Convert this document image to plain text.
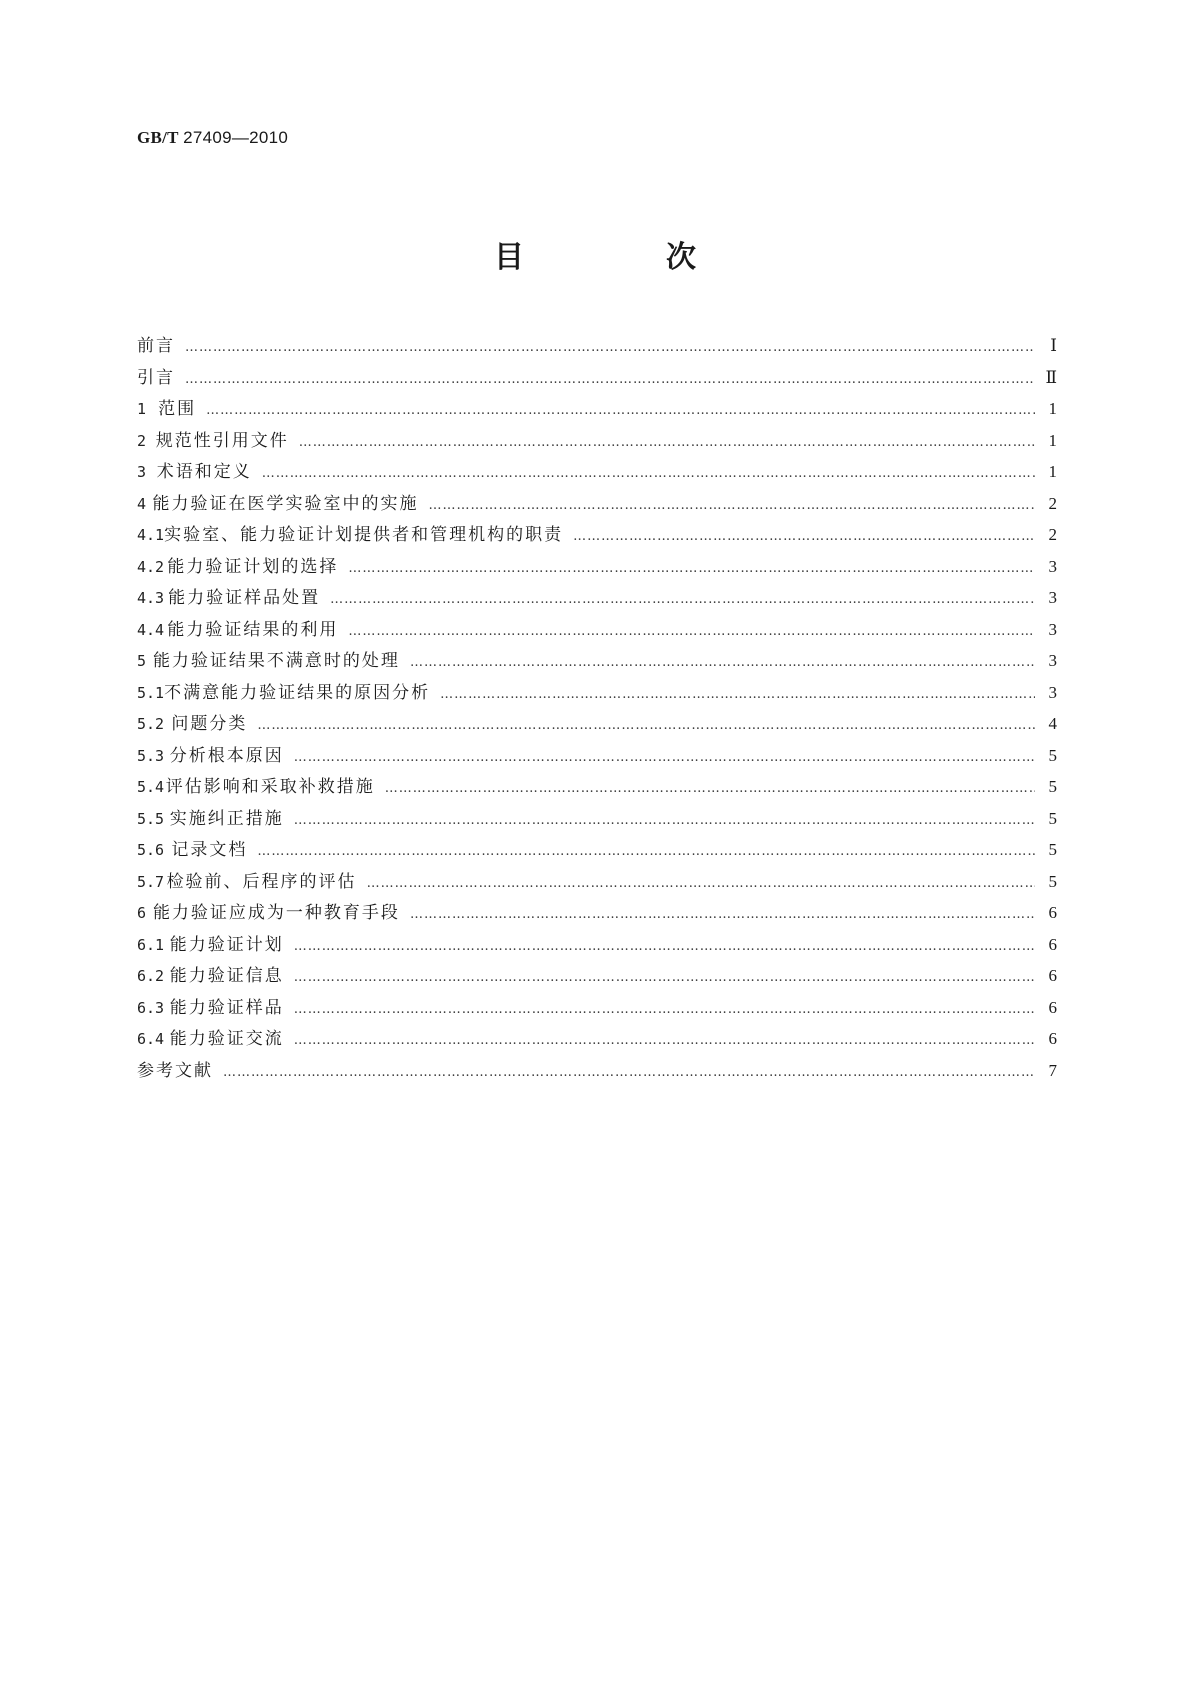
GB/T 27409—2010
目　次
前言 ………………………………………………………………………………………………………………………………………………………………………………………………………………………………	Ⅰ
引言 ………………………………………………………………………………………………………………………………………………………………………………………………………………………………	Ⅱ
1 范围 ………………………………………………………………………………………………………………………………………………………………………………………………………………………………	1
2 规范性引用文件 ………………………………………………………………………………………………………………………………………………………………………………………………………………………………	1
3 术语和定义 ………………………………………………………………………………………………………………………………………………………………………………………………………………………………	1
4 能力验证在医学实验室中的实施 ………………………………………………………………………………………………………………………………………………………………………………………………………………………………	2
4.1 实验室、能力验证计划提供者和管理机构的职责 ………………………………………………………………………………………………………………………………………………………………………………………………………………………………	2
4.2 能力验证计划的选择 ………………………………………………………………………………………………………………………………………………………………………………………………………………………………	3
4.3 能力验证样品处置 ………………………………………………………………………………………………………………………………………………………………………………………………………………………………	3
4.4 能力验证结果的利用 ………………………………………………………………………………………………………………………………………………………………………………………………………………………………	3
5 能力验证结果不满意时的处理 ………………………………………………………………………………………………………………………………………………………………………………………………………………………………	3
5.1 不满意能力验证结果的原因分析 ………………………………………………………………………………………………………………………………………………………………………………………………………………………………	3
5.2 问题分类 ………………………………………………………………………………………………………………………………………………………………………………………………………………………………	4
5.3 分析根本原因 ………………………………………………………………………………………………………………………………………………………………………………………………………………………………	5
5.4 评估影响和采取补救措施 ………………………………………………………………………………………………………………………………………………………………………………………………………………………………	5
5.5 实施纠正措施 ………………………………………………………………………………………………………………………………………………………………………………………………………………………………	5
5.6 记录文档 ………………………………………………………………………………………………………………………………………………………………………………………………………………………………	5
5.7 检验前、后程序的评估 ………………………………………………………………………………………………………………………………………………………………………………………………………………………………	5
6 能力验证应成为一种教育手段 ………………………………………………………………………………………………………………………………………………………………………………………………………………………………	6
6.1 能力验证计划 ………………………………………………………………………………………………………………………………………………………………………………………………………………………………	6
6.2 能力验证信息 ………………………………………………………………………………………………………………………………………………………………………………………………………………………………	6
6.3 能力验证样品 ………………………………………………………………………………………………………………………………………………………………………………………………………………………………	6
6.4 能力验证交流 ………………………………………………………………………………………………………………………………………………………………………………………………………………………………	6
参考文献 ………………………………………………………………………………………………………………………………………………………………………………………………………………………………	7
